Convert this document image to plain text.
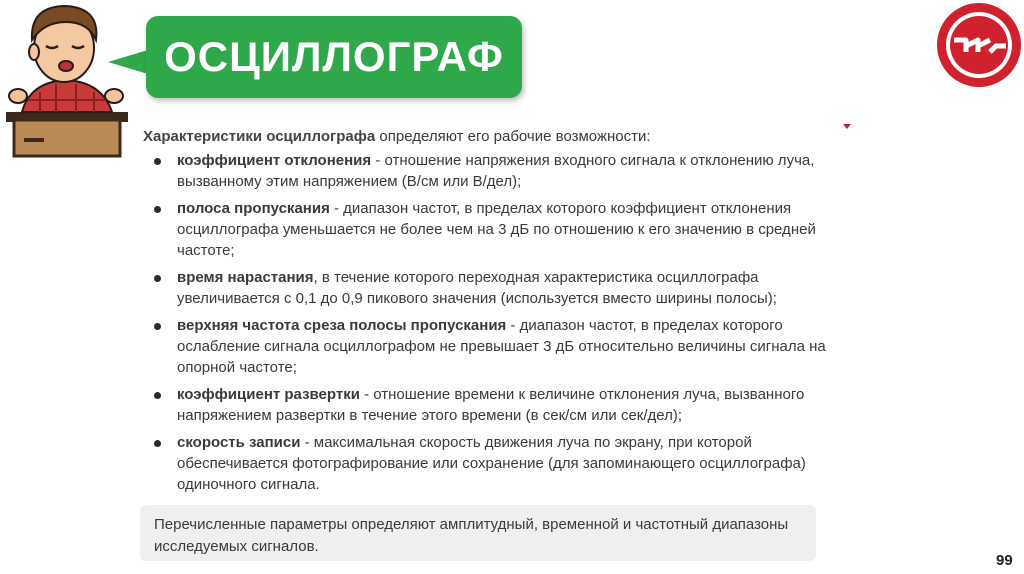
ОСЦИЛЛОГРАФ

Характеристики осциллографа определяют его рабочие возможности:

коэффициент отклонения - отношение напряжения входного сигнала к отклонению луча, вызванному этим напряжением (В/см или В/дел);
полоса пропускания - диапазон частот, в пределах которого коэффициент отклонения осциллографа уменьшается не более чем на 3 дБ по отношению к его значению в средней частоте;
время нарастания, в течение которого переходная характеристика осциллографа увеличивается с 0,1 до 0,9 пикового значения (используется вместо ширины полосы);
верхняя частота среза полосы пропускания - диапазон частот, в пределах которого ослабление сигнала осциллографом не превышает 3 дБ относительно величины сигнала на опорной частоте;
коэффициент развертки - отношение времени к величине отклонения луча, вызванного напряжением развертки в течение этого времени (в сек/см или сек/дел);
скорость записи - максимальная скорость движения луча по экрану, при которой обеспечивается фотографирование или сохранение (для запоминающего осциллографа) одиночного сигнала.
Перечисленные параметры определяют амплитудный, временной и частотный диапазоны исследуемых сигналов.
99
